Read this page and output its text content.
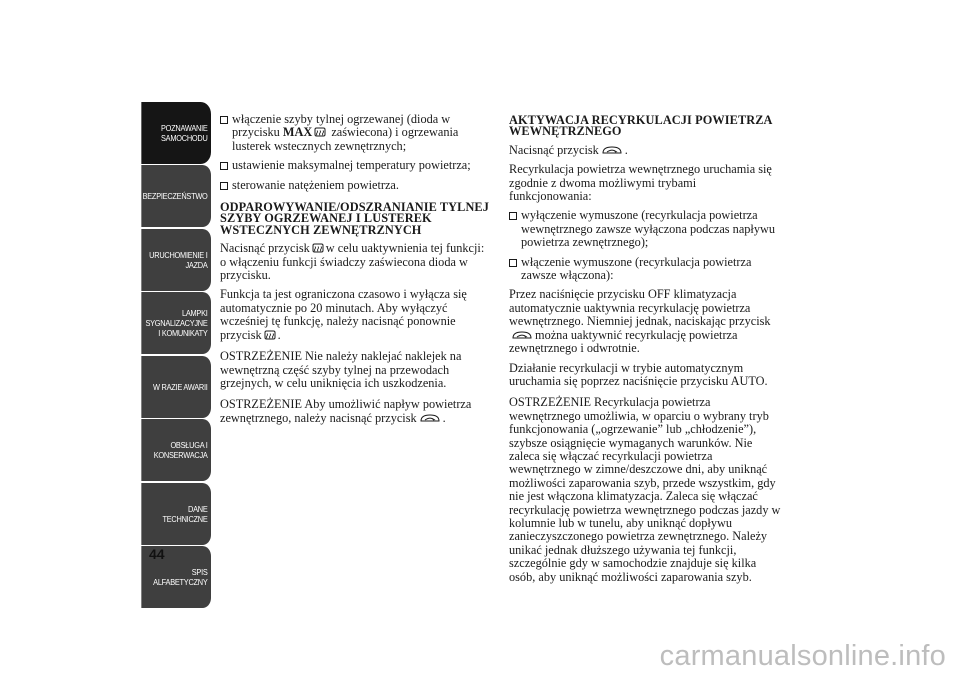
POZNAWANIE
SAMOCHODU
BEZPIECZEŃSTWO
URUCHOMIENIE I
JAZDA
LAMPKI
SYGNALIZACYJNE
I KOMUNIKATY
W RAZIE AWARII
OBSŁUGA I
KONSERWACJA
DANE
TECHNICZNE
SPIS
ALFABETYCZNY
44
włączenie szyby tylnej ogrzewanej (dioda w przycisku MAX
zaświecona) i ogrzewania lusterek wstecznych zewnętrznych;
ustawienie maksymalnej temperatury powietrza;
sterowanie natężeniem powietrza.
ODPAROWYWANIE/ODSZRANIANIE TYLNEJ SZYBY OGRZEWANEJ I LUSTEREK WSTECZNYCH ZEWNĘTRZNYCH
Nacisnąć przycisk w celu uaktywnienia tej funkcji: o włączeniu funkcji świadczy zaświecona dioda w przycisku.
Funkcja ta jest ograniczona czasowo i wyłącza się automatycznie po 20 minutach. Aby wyłączyć wcześniej tę funkcję, należy nacisnąć ponownie przycisk .
OSTRZEŻENIE Nie należy naklejać naklejek na wewnętrzną część szyby tylnej na przewodach grzejnych, w celu uniknięcia ich uszkodzenia.
OSTRZEŻENIE Aby umożliwić napływ powietrza zewnętrznego, należy nacisnąć przycisk .
AKTYWACJA RECYRKULACJI POWIETRZA WEWNĘTRZNEGO
Nacisnąć przycisk .
Recyrkulacja powietrza wewnętrznego uruchamia się zgodnie z dwoma możliwymi trybami funkcjonowania:
wyłączenie wymuszone (recyrkulacja powietrza wewnętrznego zawsze wyłączona podczas napływu powietrza zewnętrznego);
włączenie wymuszone (recyrkulacja powietrza zawsze włączona):
Przez naciśnięcie przycisku OFF klimatyzacja automatycznie uaktywnia recyrkulację powietrza wewnętrznego. Niemniej jednak, naciskając przycisk
można uaktywnić recyrkulację powietrza zewnętrznego i odwrotnie.
Działanie recyrkulacji w trybie automatycznym uruchamia się poprzez naciśnięcie przycisku AUTO.
OSTRZEŻENIE Recyrkulacja powietrza wewnętrznego umożliwia, w oparciu o wybrany tryb funkcjonowania („ogrzewanie” lub „chłodzenie”), szybsze osiągnięcie wymaganych warunków. Nie zaleca się włączać recyrkulacji powietrza wewnętrznego w zimne/deszczowe dni, aby uniknąć możliwości zaparowania szyb, przede wszystkim, gdy nie jest włączona klimatyzacja. Zaleca się włączać recyrkulację powietrza wewnętrznego podczas jazdy w kolumnie lub w tunelu, aby uniknąć dopływu zanieczyszczonego powietrza zewnętrznego. Należy unikać jednak dłuższego używania tej funkcji, szczególnie gdy w samochodzie znajduje się kilka osób, aby uniknąć możliwości zaparowania szyb.
carmanualsonline.info
